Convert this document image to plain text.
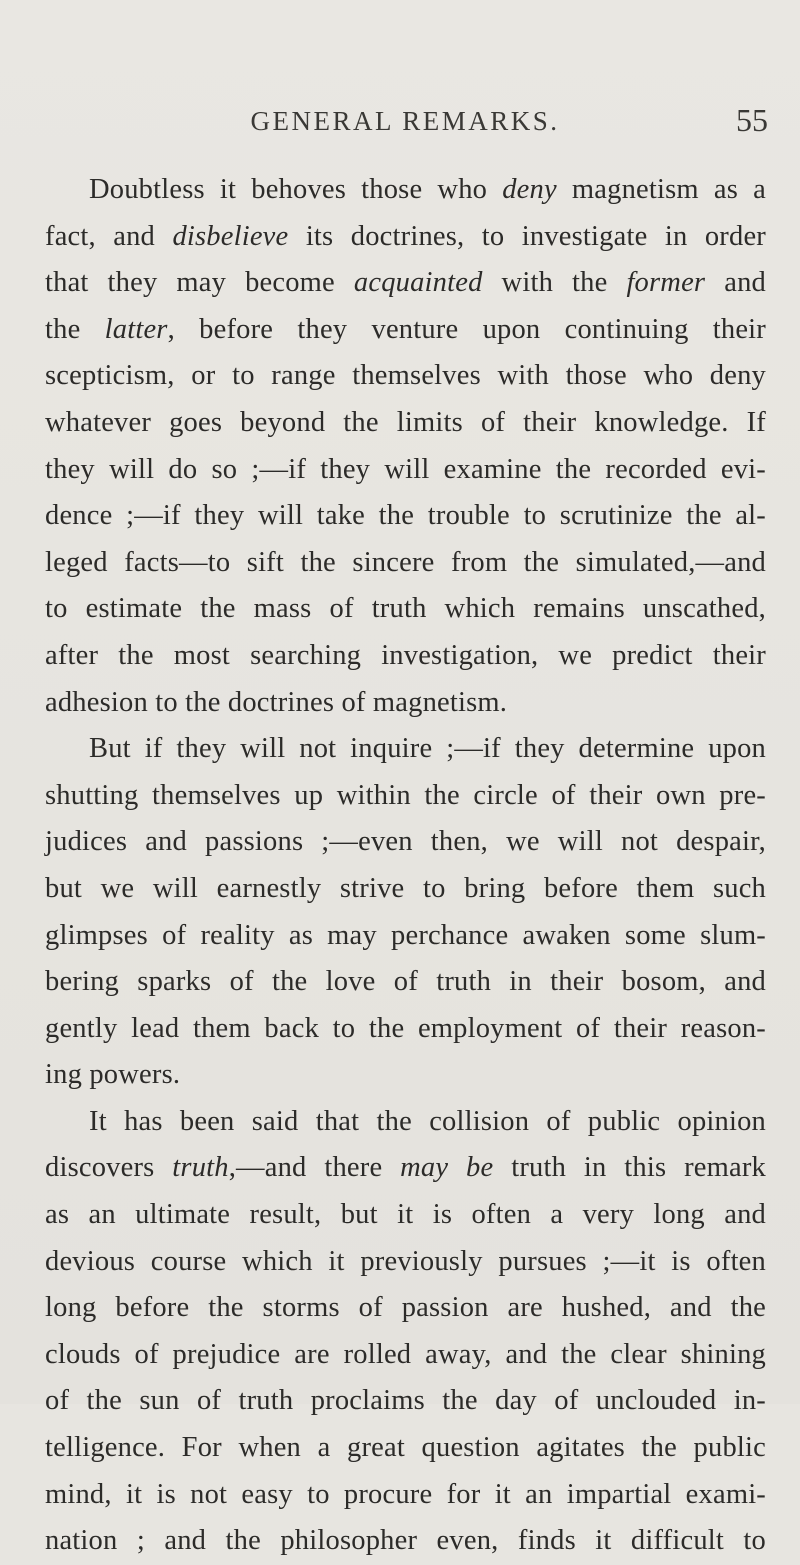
GENERAL REMARKS.	55
Doubtless it behoves those who deny magnetism as a
fact, and disbelieve its doctrines, to investigate in order
that they may become acquainted with the former and
the latter, before they venture upon continuing their
scepticism, or to range themselves with those who deny
whatever goes beyond the limits of their knowledge. If
they will do so ;—if they will examine the recorded evi-
dence ;—if they will take the trouble to scrutinize the al-
leged facts—to sift the sincere from the simulated,—and
to estimate the mass of truth which remains unscathed,
after the most searching investigation, we predict their
adhesion to the doctrines of magnetism.
But if they will not inquire ;—if they determine upon
shutting themselves up within the circle of their own pre-
judices and passions ;—even then, we will not despair,
but we will earnestly strive to bring before them such
glimpses of reality as may perchance awaken some slum-
bering sparks of the love of truth in their bosom, and
gently lead them back to the employment of their reason-
ing powers.
It has been said that the collision of public opinion
discovers truth,—and there may be truth in this remark
as an ultimate result, but it is often a very long and
devious course which it previously pursues ;—it is often
long before the storms of passion are hushed, and the
clouds of prejudice are rolled away, and the clear shining
of the sun of truth proclaims the day of unclouded in-
telligence. For when a great question agitates the public
mind, it is not easy to procure for it an impartial exami-
nation ; and the philosopher even, finds it difficult to
